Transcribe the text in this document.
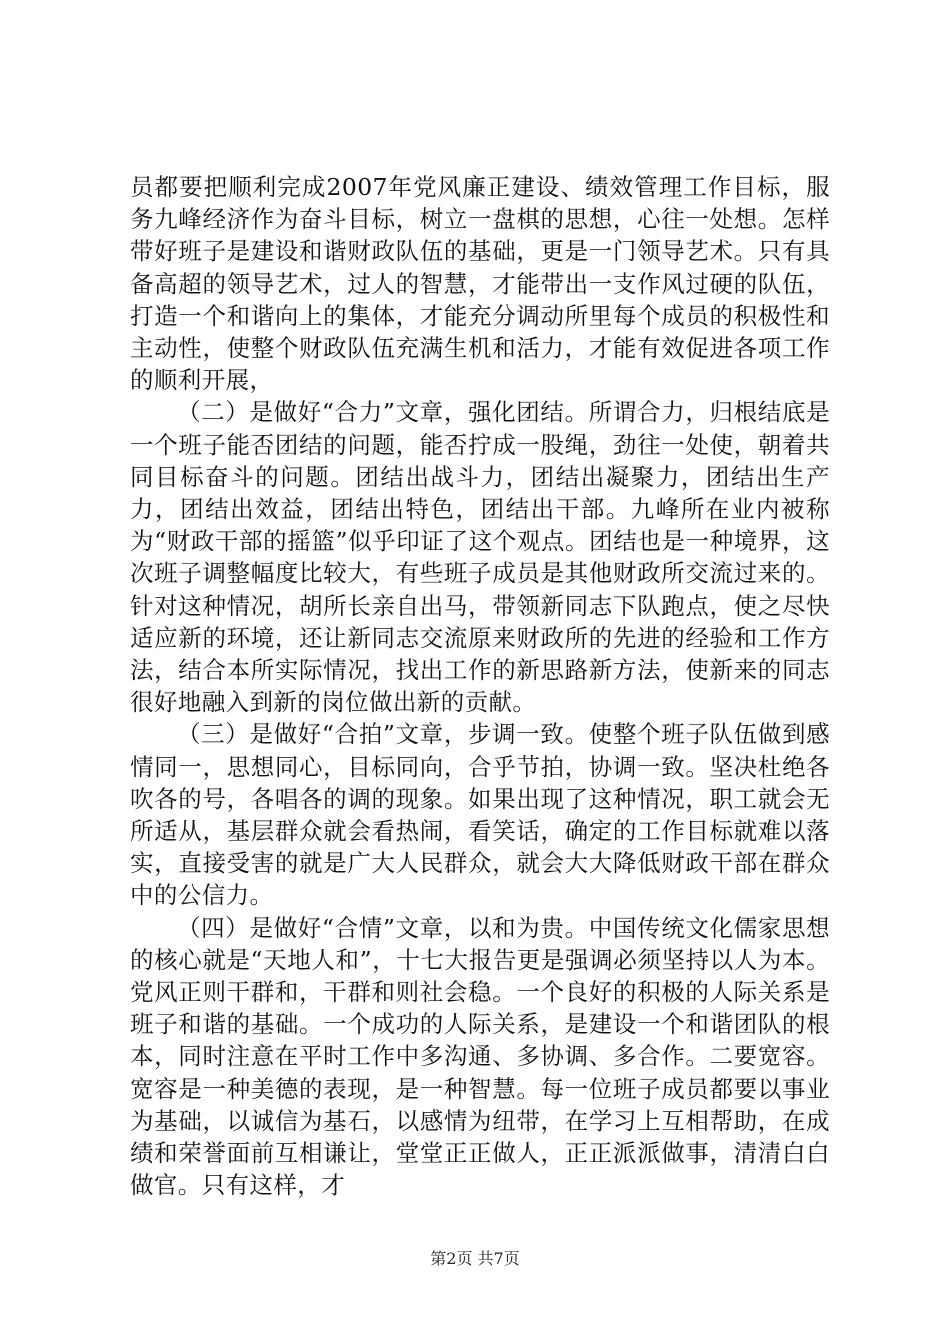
员都要把顺利完成2007年党风廉正建设、绩效管理工作目标，服务九峰经济作为奋斗目标，树立一盘棋的思想，心往一处想。怎样带好班子是建设和谐财政队伍的基础，更是一门领导艺术。只有具备高超的领导艺术，过人的智慧，才能带出一支作风过硬的队伍，打造一个和谐向上的集体，才能充分调动所里每个成员的积极性和主动性，使整个财政队伍充满生机和活力，才能有效促进各项工作的顺利开展，

（二）是做好“合力”文章，强化团结。所谓合力，归根结底是一个班子能否团结的问题，能否拧成一股绳，劲往一处使，朝着共同目标奋斗的问题。团结出战斗力，团结出凝聚力，团结出生产力，团结出效益，团结出特色，团结出干部。九峰所在业内被称为“财政干部的摇篮”似乎印证了这个观点。团结也是一种境界，这次班子调整幅度比较大，有些班子成员是其他财政所交流过来的。针对这种情况，胡所长亲自出马，带领新同志下队跑点，使之尽快适应新的环境，还让新同志交流原来财政所的先进的经验和工作方法，结合本所实际情况，找出工作的新思路新方法，使新来的同志很好地融入到新的岗位做出新的贡献。

（三）是做好“合拍”文章，步调一致。使整个班子队伍做到感情同一，思想同心，目标同向，合乎节拍，协调一致。坚决杜绝各吹各的号，各唱各的调的现象。如果出现了这种情况，职工就会无所适从，基层群众就会看热闹，看笑话，确定的工作目标就难以落实，直接受害的就是广大人民群众，就会大大降低财政干部在群众中的公信力。

（四）是做好“合情”文章，以和为贵。中国传统文化儒家思想的核心就是“天地人和”，十七大报告更是强调必须坚持以人为本。党风正则干群和，干群和则社会稳。一个良好的积极的人际关系是班子和谐的基础。一个成功的人际关系，是建设一个和谐团队的根本，同时注意在平时工作中多沟通、多协调、多合作。二要宽容。宽容是一种美德的表现，是一种智慧。每一位班子成员都要以事业为基础，以诚信为基石，以感情为纽带，在学习上互相帮助，在成绩和荣誉面前互相谦让，堂堂正正做人，正正派派做事，清清白白做官。只有这样，才

第2页 共7页
